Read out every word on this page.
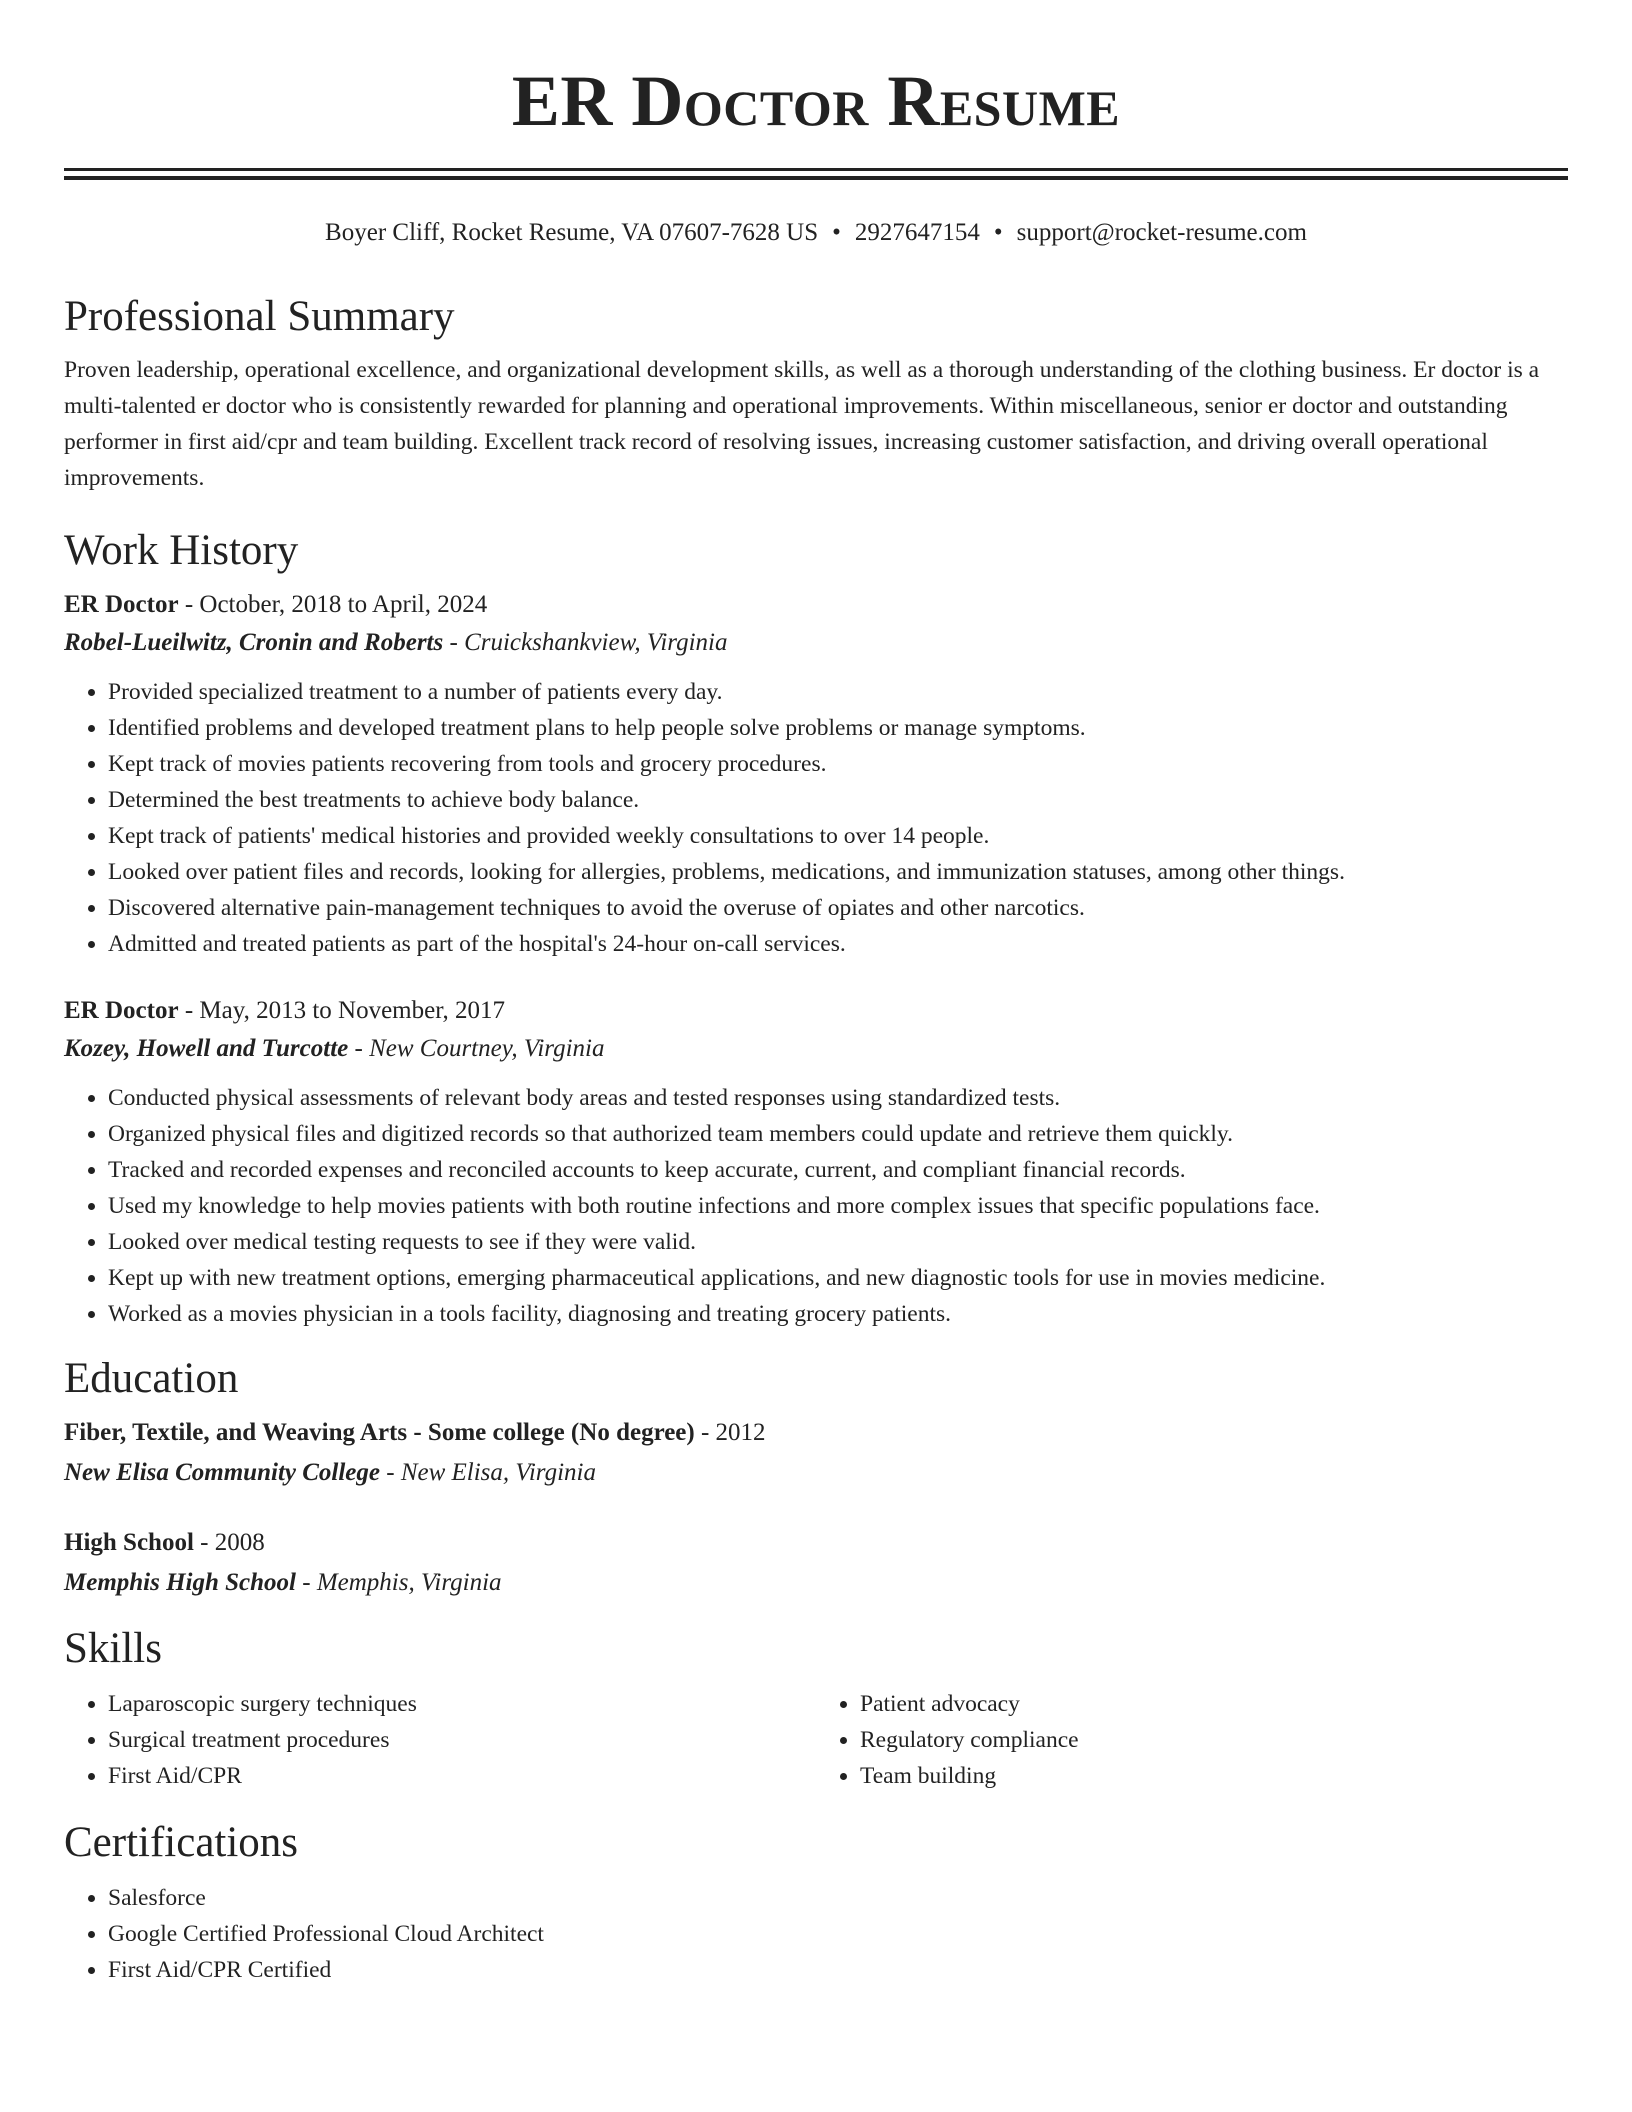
ER Doctor Resume
Boyer Cliff, Rocket Resume, VA 07607-7628 US • 2927647154 • support@rocket-resume.com
Professional Summary

Proven leadership, operational excellence, and organizational development skills, as well as a thorough understanding of the clothing business. Er doctor is a multi-talented er doctor who is consistently rewarded for planning and operational improvements. Within miscellaneous, senior er doctor and outstanding performer in first aid/cpr and team building. Excellent track record of resolving issues, increasing customer satisfaction, and driving overall operational improvements.

Work History
ER Doctor - October, 2018 to April, 2024
Robel-Lueilwitz, Cronin and Roberts - Cruickshankview, Virginia
• Provided specialized treatment to a number of patients every day.
• Identified problems and developed treatment plans to help people solve problems or manage symptoms.
• Kept track of movies patients recovering from tools and grocery procedures.
• Determined the best treatments to achieve body balance.
• Kept track of patients' medical histories and provided weekly consultations to over 14 people.
• Looked over patient files and records, looking for allergies, problems, medications, and immunization statuses, among other things.
• Discovered alternative pain-management techniques to avoid the overuse of opiates and other narcotics.
• Admitted and treated patients as part of the hospital's 24-hour on-call services.
ER Doctor - May, 2013 to November, 2017
Kozey, Howell and Turcotte - New Courtney, Virginia
• Conducted physical assessments of relevant body areas and tested responses using standardized tests.
• Organized physical files and digitized records so that authorized team members could update and retrieve them quickly.
• Tracked and recorded expenses and reconciled accounts to keep accurate, current, and compliant financial records.
• Used my knowledge to help movies patients with both routine infections and more complex issues that specific populations face.
• Looked over medical testing requests to see if they were valid.
• Kept up with new treatment options, emerging pharmaceutical applications, and new diagnostic tools for use in movies medicine.
• Worked as a movies physician in a tools facility, diagnosing and treating grocery patients.
Education
Fiber, Textile, and Weaving Arts - Some college (No degree) - 2012
New Elisa Community College - New Elisa, Virginia
High School - 2008
Memphis High School - Memphis, Virginia
Skills
• Laparoscopic surgery techniques
• Surgical treatment procedures
• First Aid/CPR
• Patient advocacy
• Regulatory compliance
• Team building
Certifications
• Salesforce
• Google Certified Professional Cloud Architect
• First Aid/CPR Certified
